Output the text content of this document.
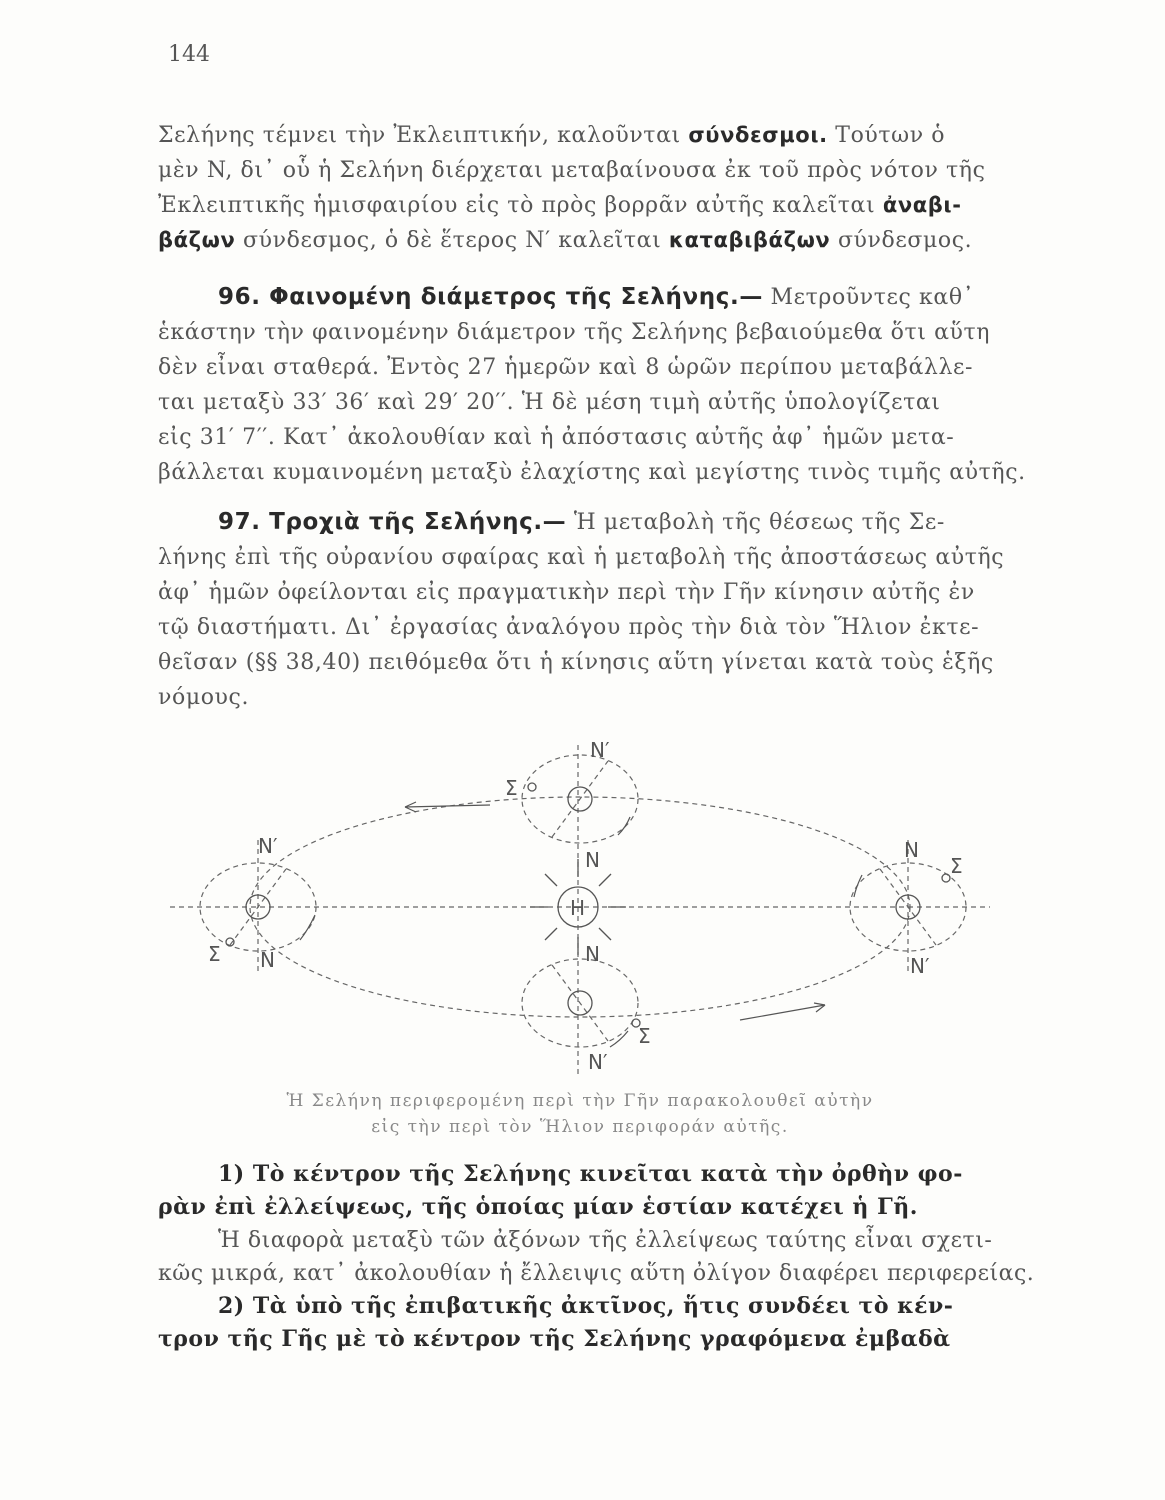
144
Σελήνης τέμνει τὴν Ἐκλειπτικήν, καλοῦνται σύνδεσμοι. Τούτων ὁ
μὲν N, δι᾿ οὗ ἡ Σελήνη διέρχεται μεταβαίνουσα ἐκ τοῦ πρὸς νότον τῆς
Ἐκλειπτικῆς ἡμισφαιρίου εἰς τὸ πρὸς βορρᾶν αὐτῆς καλεῖται ἀναβι-
βάζων σύνδεσμος, ὁ δὲ ἕτερος N′ καλεῖται καταβιβάζων σύνδεσμος.
96. Φαινομένη διάμετρος τῆς Σελήνης.— Μετροῦντες καθ᾿
ἑκάστην τὴν φαινομένην διάμετρον τῆς Σελήνης βεβαιούμεθα ὅτι αὕτη
δὲν εἶναι σταθερά. Ἐντὸς 27 ἡμερῶν καὶ 8 ὡρῶν περίπου μεταβάλλε-
ται μεταξὺ 33′ 36′ καὶ 29′ 20′′. Ἡ δὲ μέση τιμὴ αὐτῆς ὑπολογίζεται
εἰς 31′ 7′′. Κατ᾿ ἀκολουθίαν καὶ ἡ ἀπόστασις αὐτῆς ἀφ᾿ ἡμῶν μετα-
βάλλεται κυμαινομένη μεταξὺ ἐλαχίστης καὶ μεγίστης τινὸς τιμῆς αὐτῆς.
97. Τροχιὰ τῆς Σελήνης.— Ἡ μεταβολὴ τῆς θέσεως τῆς Σε-
λήνης ἐπὶ τῆς οὐρανίου σφαίρας καὶ ἡ μεταβολὴ τῆς ἀποστάσεως αὐτῆς
ἀφ᾿ ἡμῶν ὀφείλονται εἰς πραγματικὴν περὶ τὴν Γῆν κίνησιν αὐτῆς ἐν
τῷ διαστήματι. Δι᾿ ἐργασίας ἀναλόγου πρὸς τὴν διὰ τὸν Ἥλιον ἐκτε-
θεῖσαν (§§ 38,40) πειθόμεθα ὅτι ἡ κίνησις αὕτη γίνεται κατὰ τοὺς ἑξῆς
νόμους.
N′
Σ
N
N′
Σ N
H
N
Σ
N′
N
Σ
N′
Ἡ Σελήνη περιφερομένη περὶ τὴν Γῆν παρακολουθεῖ αὐτὴν
εἰς τὴν περὶ τὸν Ἥλιον περιφοράν αὐτῆς.
1) Τὸ κέντρον τῆς Σελήνης κινεῖται κατὰ τὴν ὀρθὴν φο-
ρὰν ἐπὶ ἐλλείψεως, τῆς ὁποίας μίαν ἑστίαν κατέχει ἡ Γῆ.
Ἡ διαφορὰ μεταξὺ τῶν ἀξόνων τῆς ἐλλείψεως ταύτης εἶναι σχετι-
κῶς μικρά, κατ᾿ ἀκολουθίαν ἡ ἔλλειψις αὕτη ὀλίγον διαφέρει περιφερείας.
2) Τὰ ὑπὸ τῆς ἐπιβατικῆς ἀκτῖνος, ἥτις συνδέει τὸ κέν-
τρον τῆς Γῆς μὲ τὸ κέντρον τῆς Σελήνης γραφόμενα ἐμβαδὰ
